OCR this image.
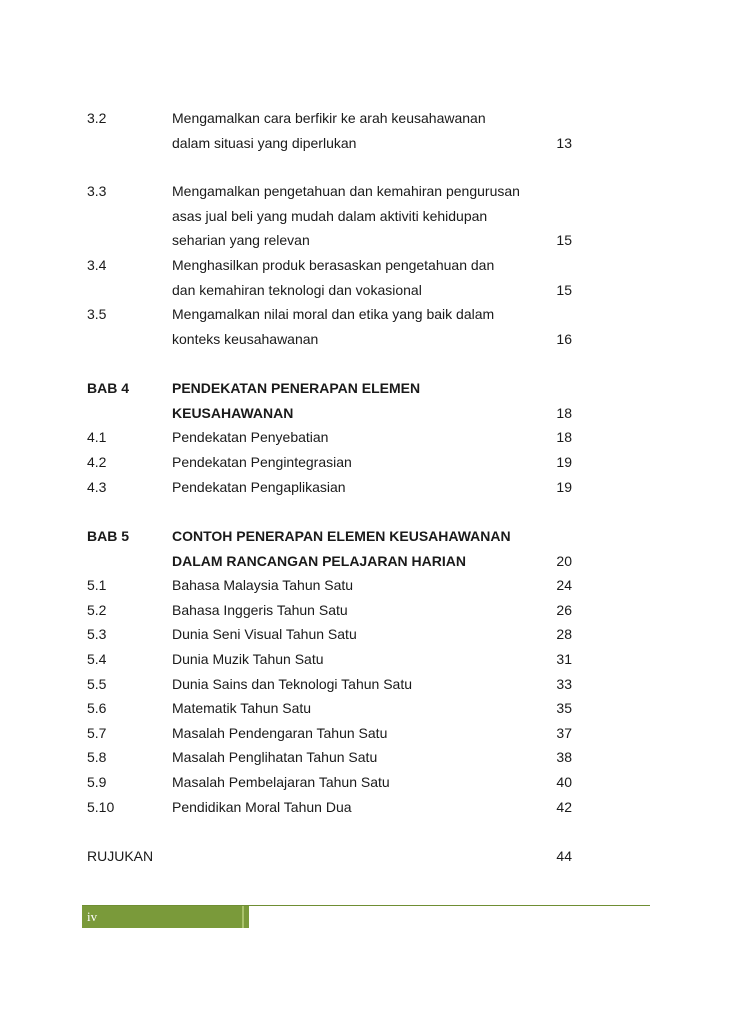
3.2	Mengamalkan cara berfikir ke arah keusahawanan
dalam situasi yang diperlukan	13
3.3	Mengamalkan pengetahuan dan kemahiran pengurusan
asas jual beli yang mudah dalam aktiviti kehidupan
seharian yang relevan	15
3.4	Menghasilkan produk berasaskan pengetahuan dan
dan kemahiran teknologi dan vokasional	15
3.5	Mengamalkan nilai moral dan etika yang baik dalam
konteks keusahawanan	16
BAB 4	PENDEKATAN PENERAPAN ELEMEN
KEUSAHAWANAN	18
4.1	Pendekatan Penyebatian	18
4.2	Pendekatan Pengintegrasian	19
4.3	Pendekatan Pengaplikasian	19
BAB 5	CONTOH PENERAPAN ELEMEN KEUSAHAWANAN
DALAM RANCANGAN PELAJARAN HARIAN	20
5.1	Bahasa Malaysia Tahun Satu	24
5.2	Bahasa Inggeris Tahun Satu	26
5.3	Dunia Seni Visual Tahun Satu	28
5.4	Dunia Muzik Tahun Satu	31
5.5	Dunia Sains dan Teknologi Tahun Satu	33
5.6	Matematik Tahun Satu	35
5.7	Masalah Pendengaran Tahun Satu	37
5.8	Masalah Penglihatan Tahun Satu	38
5.9	Masalah Pembelajaran Tahun Satu	40
5.10	Pendidikan Moral Tahun Dua	42
RUJUKAN	44
iv
